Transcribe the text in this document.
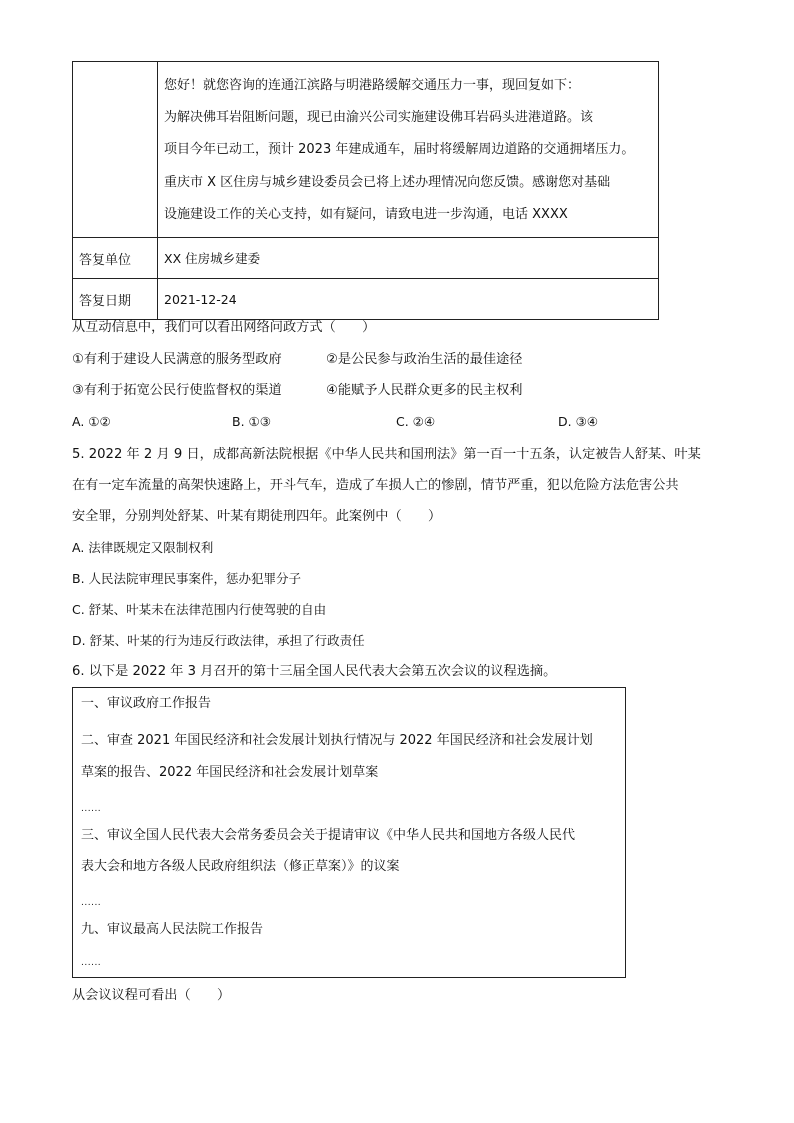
	您好！就您咨询的连通江滨路与明港路缓解交通压力一事，现回复如下：
为解决佛耳岩阻断问题，现已由渝兴公司实施建设佛耳岩码头进港道路。该
项目今年已动工，预计 2023 年建成通车，届时将缓解周边道路的交通拥堵压力。
重庆市 X 区住房与城乡建设委员会已将上述办理情况向您反馈。感谢您对基础
设施建设工作的关心支持，如有疑问，请致电进一步沟通，电话 XXXX

答复单位	XX 住房城乡建委
答复日期	2021-12-24
从互动信息中，我们可以看出网络问政方式（　　）
①有利于建设人民满意的服务型政府	②是公民参与政治生活的最佳途径
③有利于拓宽公民行使监督权的渠道	④能赋予人民群众更多的民主权利
A. ①②	B. ①③	C. ②④	D. ③④
5. 2022 年 2 月 9 日，成都高新法院根据《中华人民共和国刑法》第一百一十五条，认定被告人舒某、叶某
在有一定车流量的高架快速路上，开斗气车，造成了车损人亡的惨剧，情节严重，犯以危险方法危害公共
安全罪，分别判处舒某、叶某有期徒刑四年。此案例中（　　）
A. 法律既规定又限制权利
B. 人民法院审理民事案件，惩办犯罪分子
C. 舒某、叶某未在法律范围内行使驾驶的自由
D. 舒某、叶某的行为违反行政法律，承担了行政责任
6. 以下是 2022 年 3 月召开的第十三届全国人民代表大会第五次会议的议程选摘。
一、审议政府工作报告
二、审查 2021 年国民经济和社会发展计划执行情况与 2022 年国民经济和社会发展计划
草案的报告、2022 年国民经济和社会发展计划草案
......
三、审议全国人民代表大会常务委员会关于提请审议《中华人民共和国地方各级人民代
表大会和地方各级人民政府组织法（修正草案）》的议案
......
九、审议最高人民法院工作报告
......
从会议议程可看出（　　）
